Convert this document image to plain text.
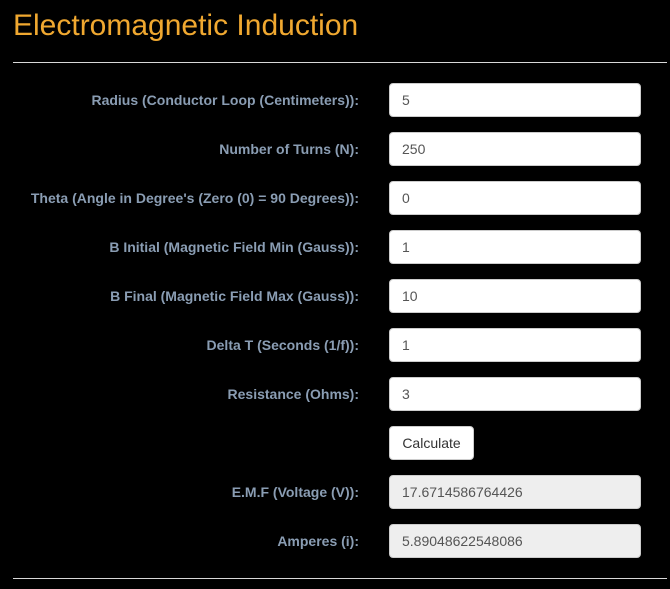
Electromagnetic Induction
Radius (Conductor Loop (Centimeters)):
5
Number of Turns (N):
250
Theta (Angle in Degree's (Zero (0) = 90 Degrees)):
0
B Initial (Magnetic Field Min (Gauss)):
1
B Final (Magnetic Field Max (Gauss)):
10
Delta T (Seconds (1/f)):
1
Resistance (Ohms):
3
Calculate
E.M.F (Voltage (V)):
17.6714586764426
Amperes (i):
5.89048622548086
